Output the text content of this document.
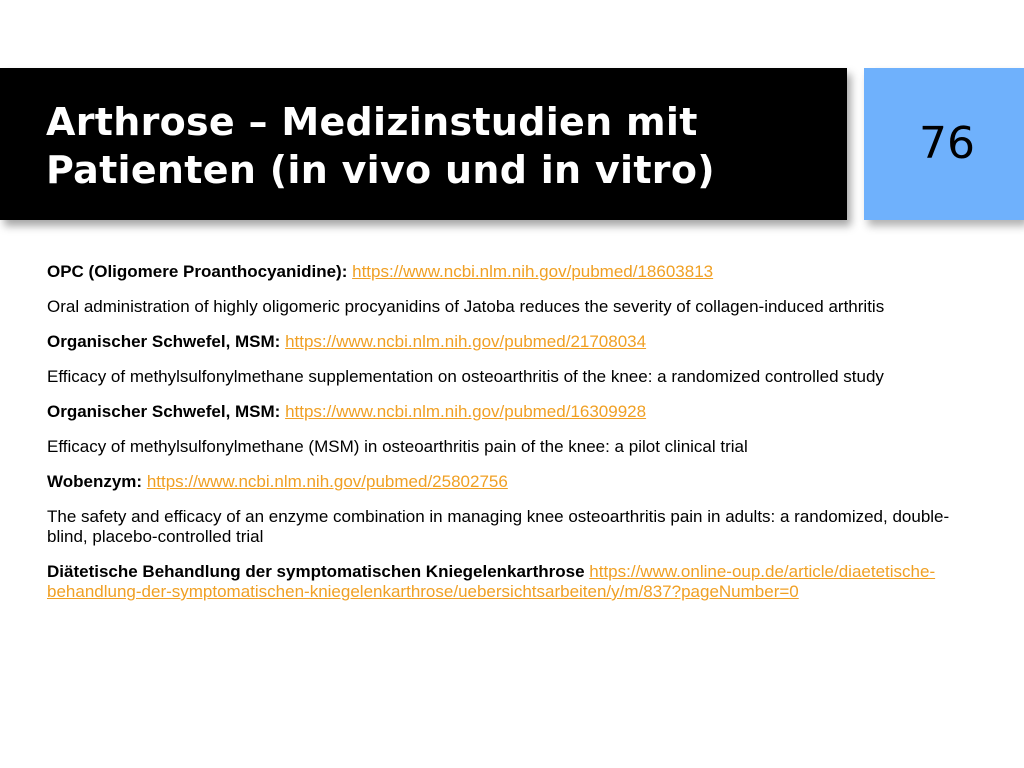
Arthrose – Medizinstudien mit Patienten (in vivo und in vitro)
76

OPC (Oligomere Proanthocyanidine): https://www.ncbi.nlm.nih.gov/pubmed/18603813

Oral administration of highly oligomeric procyanidins of Jatoba reduces the severity of collagen-induced arthritis

Organischer Schwefel, MSM: https://www.ncbi.nlm.nih.gov/pubmed/21708034

Efficacy of methylsulfonylmethane supplementation on osteoarthritis of the knee: a randomized controlled study

Organischer Schwefel, MSM: https://www.ncbi.nlm.nih.gov/pubmed/16309928

Efficacy of methylsulfonylmethane (MSM) in osteoarthritis pain of the knee: a pilot clinical trial

Wobenzym: https://www.ncbi.nlm.nih.gov/pubmed/25802756

The safety and efficacy of an enzyme combination in managing knee osteoarthritis pain in adults: a randomized, double-blind, placebo-controlled trial

Diätetische Behandlung der symptomatischen Kniegelenkarthrose https://www.online-oup.de/article/diaetetische-behandlung-der-symptomatischen-kniegelenkarthrose/uebersichtsarbeiten/y/m/837?pageNumber=0
